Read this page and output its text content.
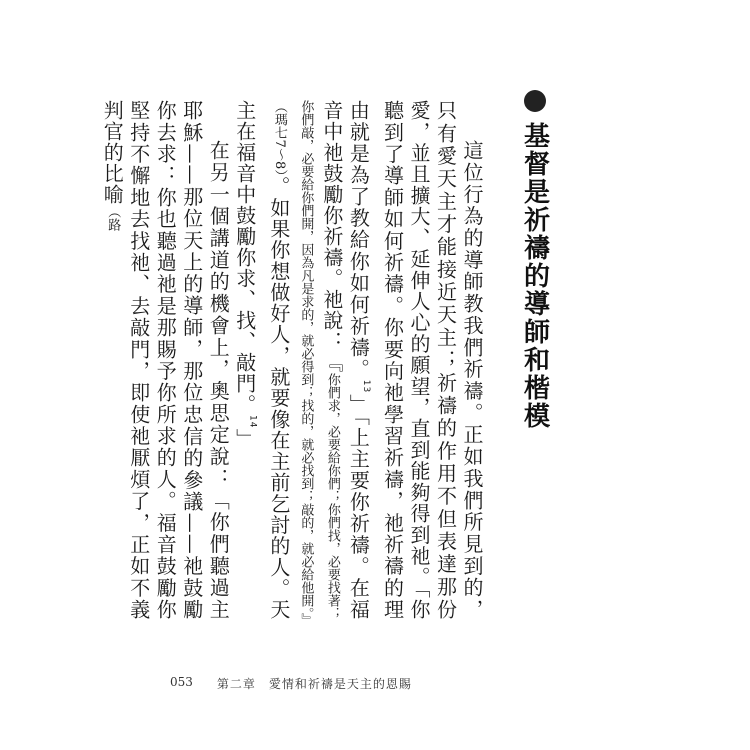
基督是祈禱的導師和楷模
這位行為的導師教我們祈禱。正如我們所見到的，只有愛天主才能接近天主；祈禱的作用不但表達那份愛，並且擴大、延伸人心的願望，直到能夠得到祂。「你聽到了導師如何祈禱。你要向祂學習祈禱，祂祈禱的理由就是為了教給你如何祈禱。$^{13}$」「上主要你祈禱。在福音中祂鼓勵你祈禱。祂說：『你們求，必要給你們；你們找，必要找著；你們敲，必要給你們開，因為凡是求的，就必得到；找的，就必找到；敲的，就必給他開。』（瑪七7～8）。如果你想做好人，就要像在主前乞討的人。天主在福音中鼓勵你求、找、敲門。$^{14}$」
在另一個講道的機會上，奧思定說：「你們聽過主耶穌——那位天上的導師，那位忠信的參議——祂鼓勵你去求：你也聽過祂是那賜予你所求的人。福音鼓勵你堅持不懈地去找祂、去敲門，即使祂厭煩了，正如不義判官的比喻（路
053 第二章　愛情和祈禱是天主的恩賜
